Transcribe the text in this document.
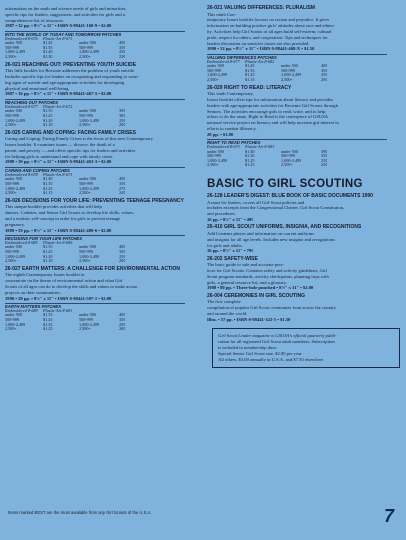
information on the math and science needs of girls and minorities,
specific tips for leaders, suggestions, and activities for girls and a
comprehensive list of resources.
1987 • 32 pp. • 8½" x 11" • ISBN 0-88441-160-9 • $2.00
INTO THE WORLD OF TODAY AND TOMORROW PATCHES
Embroidered 8-676	Plastic-Art 8-671
under 500	$1.45	under 500	49¢
500-999	$1.55	500-999	35¢
1,000-2,499	$1.40	1,000-2,499	25¢
2,500+	$1.30	2,500+	23¢
26-021 REACHING OUT: PREVENTING YOUTH SUICIDE
This little booklet for Brownie addresses the problem of youth suicide.
Includes specific tips for leaders on recognizing and responding to warn-
ing signs of suicide and age-appropriate activities for developing
physical and emotional well-being.
1987 • 16 pp. • 8½" x 11" • ISBN 0-88441-467-5 • $2.00
REACHING OUT PATCHES
Embroidered 8-677	Plastic-Art 8-672
under 500	$1.55	under 500	39¢
500-999	$1.25	500-999	30¢
1,000-2,499	$1.20	1,000-2,499	25¢
2,500+	$1.10	2,500+	20¢
26-025 CARING AND COPING: FACING FAMILY CRISES
Caring and Coping: Facing Family Crises is the focus of this new Contemporary
Issues booklet. It examines issues — divorce, the death of a
parent, and poverty — and offers specific tips for leaders and activities
for helping girls to understand and cope with family crises.
1988 • 39 pp. • 8½" x 11" • ISBN 0-88441-463-3 • $2.00
CARING AND COPING PATCHES
Embroidered 8-678	Plastic-Art 8-673
under 500	$1.40	under 500	49¢
500-999	$1.35	500-999	35¢
1,000-2,499	$1.25	1,000-2,499	27¢
2,500+	$1.15	2,500+	24¢
26-026 DECISIONS FOR YOUR LIFE: PREVENTING TEENAGE PREGNANCY
This unique booklet provides activities that will help
Juniors, Cadettes, and Senior Girl Scouts to develop life skills, values,
and a realistic self-concept in order for girls to prevent teenage
pregnancy.
1989 • 59 pp. • 8½" x 11" • ISBN 0-88441-489-6 • $2.00
DECISIONS FOR YOUR LIFE PATCHES
Embroidered 8-685	Plastic-Art 8-680
under 500	$1.55	under 500	40¢
500-999	$1.25	500-999	35¢
1,000-2,499	$1.20	1,000-2,499	25¢
2,500+	$1.10	2,500+	20¢
26-027 EARTH MATTERS: A CHALLENGE FOR ENVIRONMENTAL ACTION
The eighth Contemporary Issues booklet to
concentrate on the theme of environmental action and what Girl
Scouts of all ages can do to develop the skills and values to make action
projects on their communities.
1990 • 28 pp. • 8½" x 11" • ISBN 0-88441-507-1 • $2.00
EARTH MATTERS PATCHES
Embroidered 8-689	Plastic-Art 8-681
under 500	$1.55	under 500	40¢
500-999	$1.45	500-999	35¢
1,000-2,499	$1.35	1,000-2,499	25¢
2,500+	$1.25	2,500+	20¢
26-021 VALUING DIFFERENCES: PLURALISM
This ninth Con-
temporary Issues booklet focuses on racism and prejudice. It gives
information on building positive girls' attitudes about race and ethnic-
ity. Activities help Girl Scouts of all ages build self-esteem, cultural
pride, respect for others, and cooperation. Tips and techniques for
leaders discussion on sensitive issues are also provided.
1990 • 52 pp. • 8½" x 11" • ISBN 0-88441-468-X • $1.50
VALUING DIFFERENCES PATCHES
Embroidered 8-677	Plastic-Art 8-682
under 500	$1.45	under 500	40¢
500-999	$1.35	500-999	35¢
1,000-2,499	$1.25	1,000-2,499	25¢
2,500+	$1.15	2,500+	20¢
26-029 RIGHT TO READ: LITERACY
This tenth Contemporary
Issues booklet offers tips for information about literacy and provides
leaders with age-appropriate activities for Brownie Girl Scouts through
Seniors. The activities encourage girls to read, write, and to help
others to do the same. Right to Read is the centerpiece of GSUSA
national service project on literacy and will help increase girl interest in
efforts to combat illiteracy.
28 pp. • $1.00
RIGHT TO READ PATCHES
Embroidered 8-670	Plastic-Art 8-683
under 500	$1.40	under 500	39¢
500-999	$1.30	500-999	35¢
1,000-2,499	$1.25	1,000-2,499	25¢
2,500+	$1.25	2,500+	25¢
BASIC TO GIRL SCOUTING
26-128 LEADER'S DIGEST: BLUE BOOK OF BASIC DOCUMENTS 1990
A must for leaders, covers all Girl Scout policies and
includes excerpts from the Congressional Charter, Girl Scout Constitution,
and procedures.
16 pp. • 8½" x 11" • 49¢
26-410 GIRL SCOUT UNIFORMS, INSIGNIA, AND RECOGNITIONS
Add Contents photos and information on current uniforms
and insignia for all age levels. Includes new insignia and recognitions
for girls and adults.
16 pp. • 8½" x 11" • 79¢
26-202 SAFETY-WISE
The basic guide to safe and accurate prac-
tices for Girl Scouts. Contains safety and activity guidelines, Girl
Scout program standards, activity checkpoints, planning trips with
girls, a general resource list, and a glossary.
1988 • 80 pp. • Three-hole punched • 8½" x 11" • $2.00
26-004 CEREMONIES IN GIRL SCOUTING
The first complete
compilation of popular Girl Scout ceremonies from across the country
and around the world.
Illus. • 57 pp. • ISBN 0-88441-322-5 • $1.50
Girl Scout Leader magazine is GSUSA's official quarterly publi-
cation for all registered Girl Scout adult members. Subscription
is included in membership dues.
Special Senior Girl Scout rate, $2.00 per year.
All others, $3.00 annually in U.S.A. and $7.50 elsewhere.
Items marked BEST are the most available from any Girl Scouts of the U.S.A.	7
